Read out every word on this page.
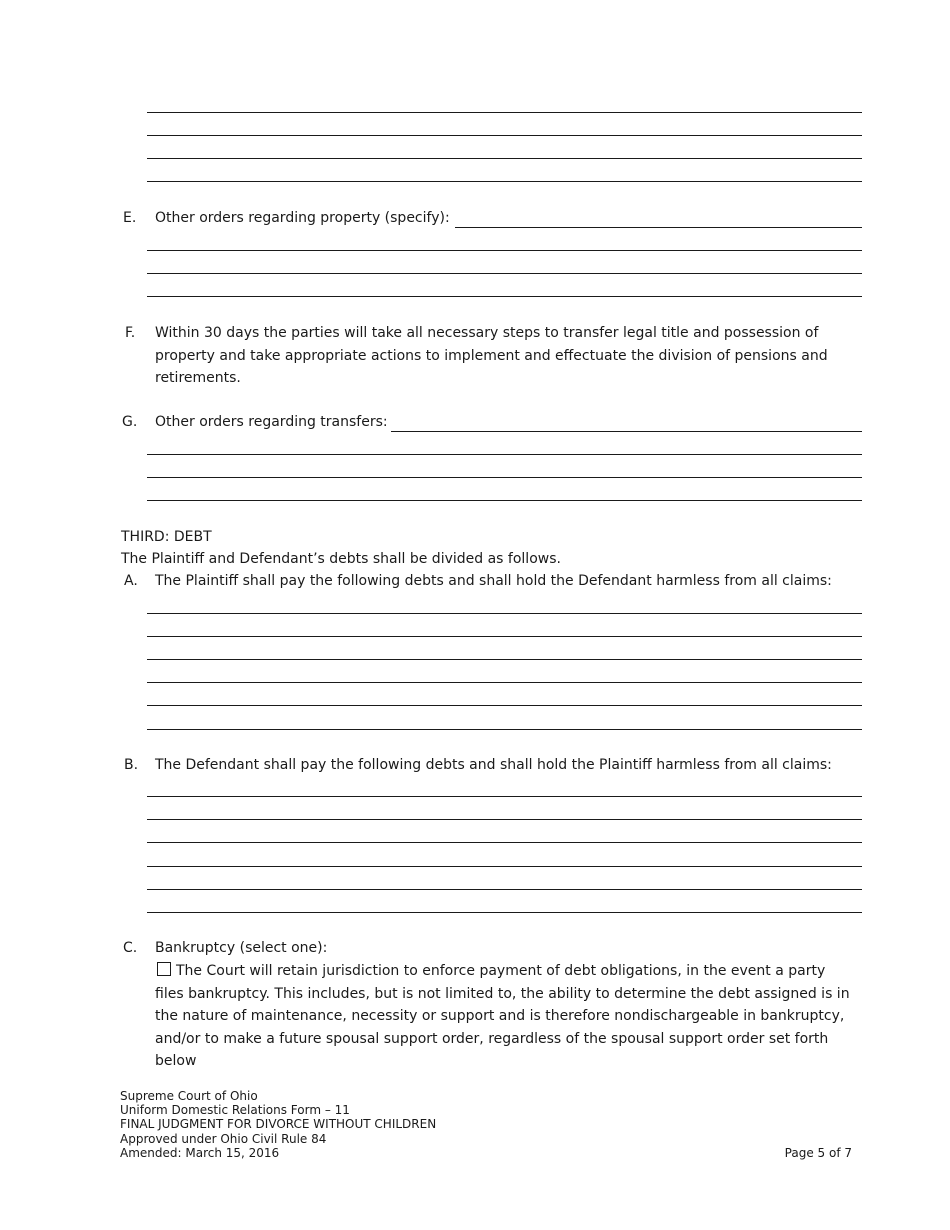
E. Other orders regarding property (specify):
F. Within 30 days the parties will take all necessary steps to transfer legal title and possession of property and take appropriate actions to implement and effectuate the division of pensions and retirements.
G. Other orders regarding transfers:
THIRD: DEBT
The Plaintiff and Defendant’s debts shall be divided as follows.
A. The Plaintiff shall pay the following debts and shall hold the Defendant harmless from all claims:
B. The Defendant shall pay the following debts and shall hold the Plaintiff harmless from all claims:
C. Bankruptcy (select one):
The Court will retain jurisdiction to enforce payment of debt obligations, in the event a party files bankruptcy. This includes, but is not limited to, the ability to determine the debt assigned is in the nature of maintenance, necessity or support and is therefore nondischargeable in bankruptcy, and/or to make a future spousal support order, regardless of the spousal support order set forth below
Supreme Court of Ohio
Uniform Domestic Relations Form – 11
FINAL JUDGMENT FOR DIVORCE WITHOUT CHILDREN
Approved under Ohio Civil Rule 84
Amended: March 15, 2016	Page 5 of 7
